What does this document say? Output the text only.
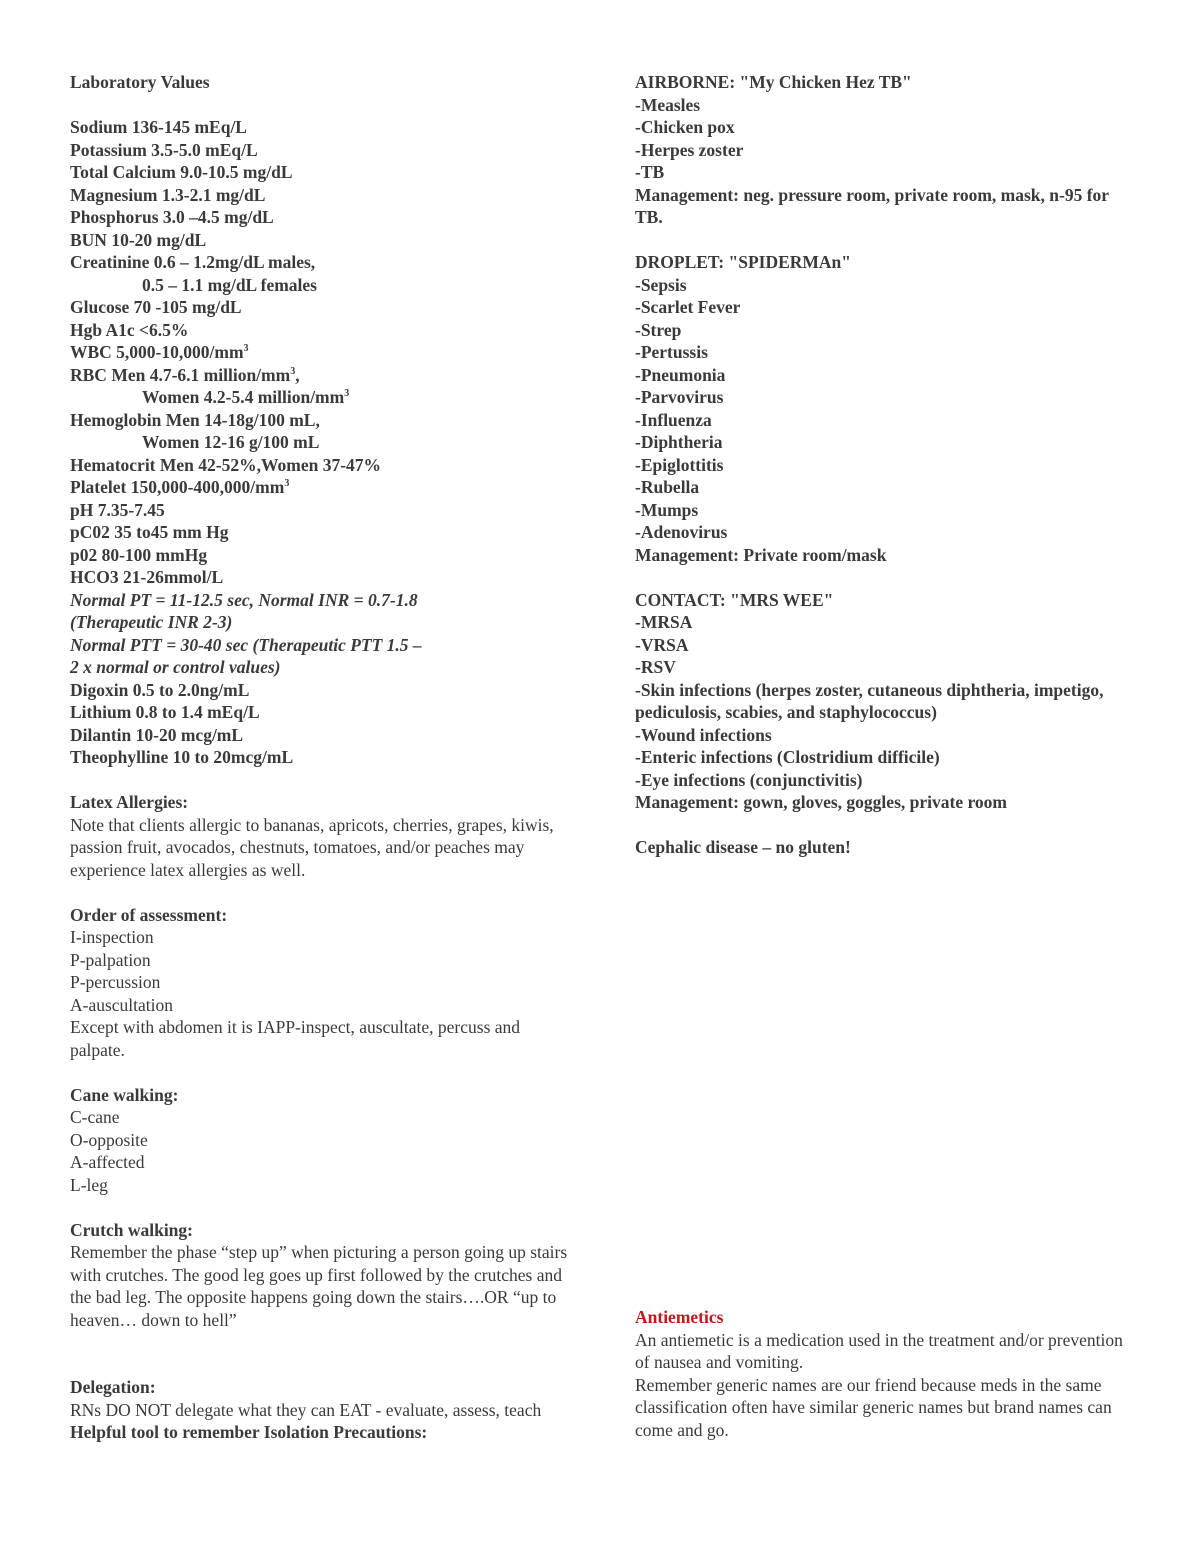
Laboratory Values
Sodium 136-145 mEq/L
Potassium 3.5-5.0 mEq/L
Total Calcium 9.0-10.5 mg/dL
Magnesium 1.3-2.1 mg/dL
Phosphorus 3.0 –4.5 mg/dL
BUN 10-20 mg/dL
Creatinine 0.6 – 1.2mg/dL males,
0.5 – 1.1 mg/dL females
Glucose 70 -105 mg/dL
Hgb A1c <6.5%
WBC $5,000-10,000/mm^3$
RBC Men 4.7-6.1 million/$mm^3$,
Women 4.2-5.4 million/$mm^3$
Hemoglobin Men 14-18g/100 mL,
Women 12-16 g/100 mL
Hematocrit Men 42-52%,Women 37-47%
Platelet $150,000-400,000/mm^3$
pH 7.35-7.45
pC02 35 to45 mm Hg
p02 80-100 mmHg
HCO3 21-26mmol/L
Normal PT = 11-12.5 sec, Normal INR = 0.7-1.8
(Therapeutic INR 2-3)
Normal PTT = 30-40 sec (Therapeutic PTT 1.5 –
2 x normal or control values)
Digoxin 0.5 to 2.0ng/mL
Lithium 0.8 to 1.4 mEq/L
Dilantin 10-20 mcg/mL
Theophylline 10 to 20mcg/mL
Latex Allergies:
Note that clients allergic to bananas, apricots, cherries, grapes, kiwis, passion fruit, avocados, chestnuts, tomatoes, and/or peaches may experience latex allergies as well.
Order of assessment:
I-inspection
P-palpation
P-percussion
A-auscultation
Except with abdomen it is IAPP-inspect, auscultate, percuss and palpate.
Cane walking:
C-cane
O-opposite
A-affected
L-leg
Crutch walking:
Remember the phase “step up” when picturing a person going up stairs with crutches. The good leg goes up first followed by the crutches and the bad leg. The opposite happens going down the stairs….OR “up to heaven… down to hell”
Delegation:
RNs DO NOT delegate what they can EAT - evaluate, assess, teach
Helpful tool to remember Isolation Precautions:
AIRBORNE: "My Chicken Hez TB"
-Measles
-Chicken pox
-Herpes zoster
-TB
Management: neg. pressure room, private room, mask, n-95 for TB.
DROPLET: "SPIDERMAn"
-Sepsis
-Scarlet Fever
-Strep
-Pertussis
-Pneumonia
-Parvovirus
-Influenza
-Diphtheria
-Epiglottitis
-Rubella
-Mumps
-Adenovirus
Management: Private room/mask
CONTACT: "MRS WEE"
-MRSA
-VRSA
-RSV
-Skin infections (herpes zoster, cutaneous diphtheria, impetigo, pediculosis, scabies, and staphylococcus)
-Wound infections
-Enteric infections (Clostridium difficile)
-Eye infections (conjunctivitis)
Management: gown, gloves, goggles, private room
Cephalic disease – no gluten!
Antiemetics
An antiemetic is a medication used in the treatment and/or prevention of nausea and vomiting.
Remember generic names are our friend because meds in the same classification often have similar generic names but brand names can come and go.
